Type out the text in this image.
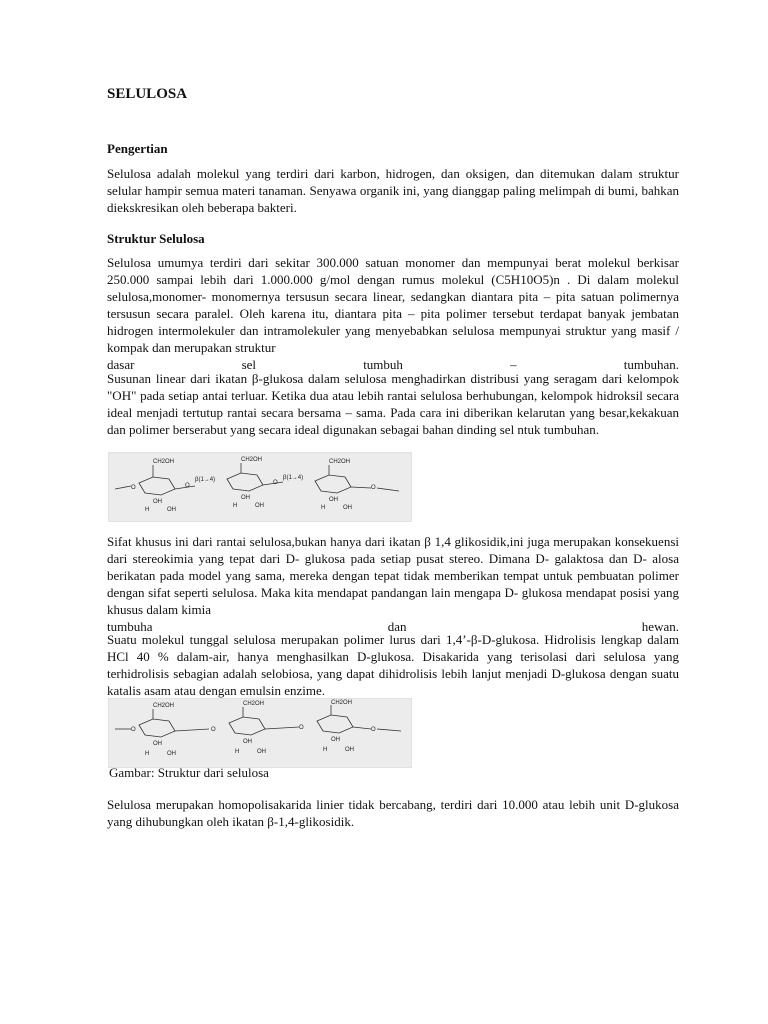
SELULOSA
Pengertian
Selulosa adalah molekul yang terdiri dari karbon, hidrogen, dan oksigen, dan ditemukan dalam struktur selular hampir semua materi tanaman. Senyawa organik ini, yang dianggap paling melimpah di bumi, bahkan diekskresikan oleh beberapa bakteri.
Struktur Selulosa
Selulosa umumya terdiri dari sekitar 300.000 satuan monomer dan mempunyai berat molekul berkisar 250.000 sampai lebih dari 1.000.000 g/mol dengan rumus molekul (C5H10O5)n . Di dalam molekul selulosa,monomer- monomernya tersusun secara linear, sedangkan diantara pita – pita satuan polimernya tersusun secara paralel. Oleh karena itu, diantara pita – pita polimer tersebut terdapat banyak jembatan hidrogen intermolekuler dan intramolekuler yang menyebabkan selulosa mempunyai struktur yang masif / kompak dan merupakan struktur
dasar sel tumbuh – tumbuhan.
Susunan linear dari ikatan β-glukosa dalam selulosa menghadirkan distribusi yang seragam dari kelompok "OH" pada setiap antai terluar. Ketika dua atau lebih rantai selulosa berhubungan, kelompok hidroksil secara ideal menjadi tertutup rantai secara bersama – sama. Pada cara ini diberikan kelarutan yang besar,kekakuan dan polimer berserabut yang secara ideal digunakan sebagai bahan dinding sel ntuk tumbuhan.
CH2OH	CH2OH	CH2OH
O	O	O
O
β(1→4)	β(1→4)
OH
OH	OH
H	OH
H	OH	H	OH
Sifat khusus ini dari rantai selulosa,bukan hanya dari ikatan β 1,4 glikosidik,ini juga merupakan konsekuensi dari stereokimia yang tepat dari D- glukosa pada setiap pusat stereo. Dimana D- galaktosa dan D- alosa berikatan pada model yang sama, mereka dengan tepat tidak memberikan tempat untuk pembuatan polimer dengan sifat seperti selulosa. Maka kita mendapat pandangan lain mengapa D- glukosa mendapat posisi yang khusus dalam kimia
tumbuha dan hewan.
Suatu molekul tunggal selulosa merupakan polimer lurus dari 1,4’-β-D-glukosa. Hidrolisis lengkap dalam HCl 40 % dalam-air, hanya menghasilkan D-glukosa. Disakarida yang terisolasi dari selulosa yang terhidrolisis sebagian adalah selobiosa, yang dapat dihidrolisis lebih lanjut menjadi D-glukosa dengan suatu katalis asam atau dengan emulsin enzime.
CH2OH	CH2OH	CH2OH
O	O	O	O
OH	OH	OH
H	OH	H	OH	H	OH
Gambar: Struktur dari selulosa
Selulosa merupakan homopolisakarida linier tidak bercabang, terdiri dari 10.000 atau lebih unit D-glukosa yang dihubungkan oleh ikatan β-1,4-glikosidik.
